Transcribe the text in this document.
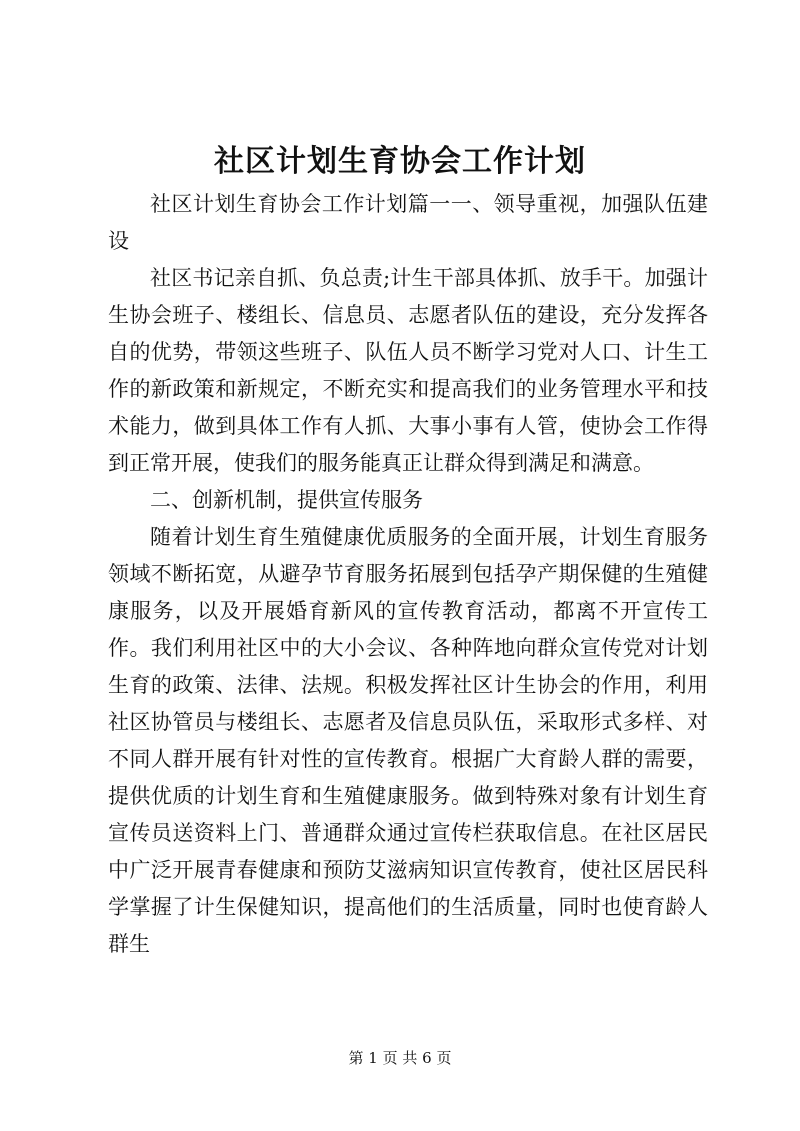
社区计划生育协会工作计划

社区计划生育协会工作计划篇一一、领导重视，加强队伍建设

社区书记亲自抓、负总责;计生干部具体抓、放手干。加强计生协会班子、楼组长、信息员、志愿者队伍的建设，充分发挥各自的优势，带领这些班子、队伍人员不断学习党对人口、计生工作的新政策和新规定，不断充实和提高我们的业务管理水平和技术能力，做到具体工作有人抓、大事小事有人管，使协会工作得到正常开展，使我们的服务能真正让群众得到满足和满意。

二、创新机制，提供宣传服务

随着计划生育生殖健康优质服务的全面开展，计划生育服务领域不断拓宽，从避孕节育服务拓展到包括孕产期保健的生殖健康服务，以及开展婚育新风的宣传教育活动，都离不开宣传工作。我们利用社区中的大小会议、各种阵地向群众宣传党对计划生育的政策、法律、法规。积极发挥社区计生协会的作用，利用社区协管员与楼组长、志愿者及信息员队伍，采取形式多样、对不同人群开展有针对性的宣传教育。根据广大育龄人群的需要，提供优质的计划生育和生殖健康服务。做到特殊对象有计划生育宣传员送资料上门、普通群众通过宣传栏获取信息。在社区居民中广泛开展青春健康和预防艾滋病知识宣传教育，使社区居民科学掌握了计生保健知识，提高他们的生活质量，同时也使育龄人群生

第 1 页 共 6 页
